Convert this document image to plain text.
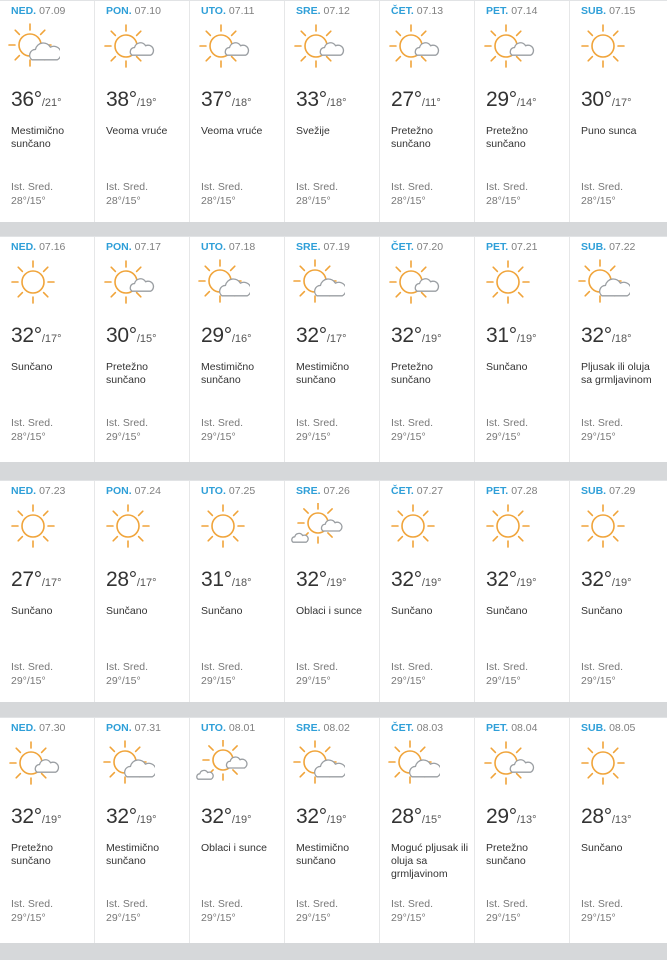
NED. 07.09
36°/21°
Mestimično sunčano
Ist. Sred.
28°/15°
PON. 07.10
38°/19°
Veoma vruće
Ist. Sred.
28°/15°
UTO. 07.11
37°/18°
Veoma vruće
Ist. Sred.
28°/15°
SRE. 07.12
33°/18°
Svežije
Ist. Sred.
28°/15°
ČET. 07.13
27°/11°
Pretežno sunčano
Ist. Sred.
28°/15°
PET. 07.14
29°/14°
Pretežno sunčano
Ist. Sred.
28°/15°
SUB. 07.15
30°/17°
Puno sunca
Ist. Sred.
28°/15°
NED. 07.16
32°/17°
Sunčano
Ist. Sred.
28°/15°
PON. 07.17
30°/15°
Pretežno sunčano
Ist. Sred.
29°/15°
UTO. 07.18
29°/16°
Mestimično sunčano
Ist. Sred.
29°/15°
SRE. 07.19
32°/17°
Mestimično sunčano
Ist. Sred.
29°/15°
ČET. 07.20
32°/19°
Pretežno sunčano
Ist. Sred.
29°/15°
PET. 07.21
31°/19°
Sunčano
Ist. Sred.
29°/15°
SUB. 07.22
32°/18°
Pljusak ili oluja sa grmljavinom
Ist. Sred.
29°/15°
NED. 07.23
27°/17°
Sunčano
Ist. Sred.
29°/15°
PON. 07.24
28°/17°
Sunčano
Ist. Sred.
29°/15°
UTO. 07.25
31°/18°
Sunčano
Ist. Sred.
29°/15°
SRE. 07.26
32°/19°
Oblaci i sunce
Ist. Sred.
29°/15°
ČET. 07.27
32°/19°
Sunčano
Ist. Sred.
29°/15°
PET. 07.28
32°/19°
Sunčano
Ist. Sred.
29°/15°
SUB. 07.29
32°/19°
Sunčano
Ist. Sred.
29°/15°
NED. 07.30
32°/19°
Pretežno sunčano
Ist. Sred.
29°/15°
PON. 07.31
32°/19°
Mestimično sunčano
Ist. Sred.
29°/15°
UTO. 08.01
32°/19°
Oblaci i sunce
Ist. Sred.
29°/15°
SRE. 08.02
32°/19°
Mestimično sunčano
Ist. Sred.
29°/15°
ČET. 08.03
28°/15°
Moguć pljusak ili oluja sa grmljavinom
Ist. Sred.
29°/15°
PET. 08.04
29°/13°
Pretežno sunčano
Ist. Sred.
29°/15°
SUB. 08.05
28°/13°
Sunčano
Ist. Sred.
29°/15°
